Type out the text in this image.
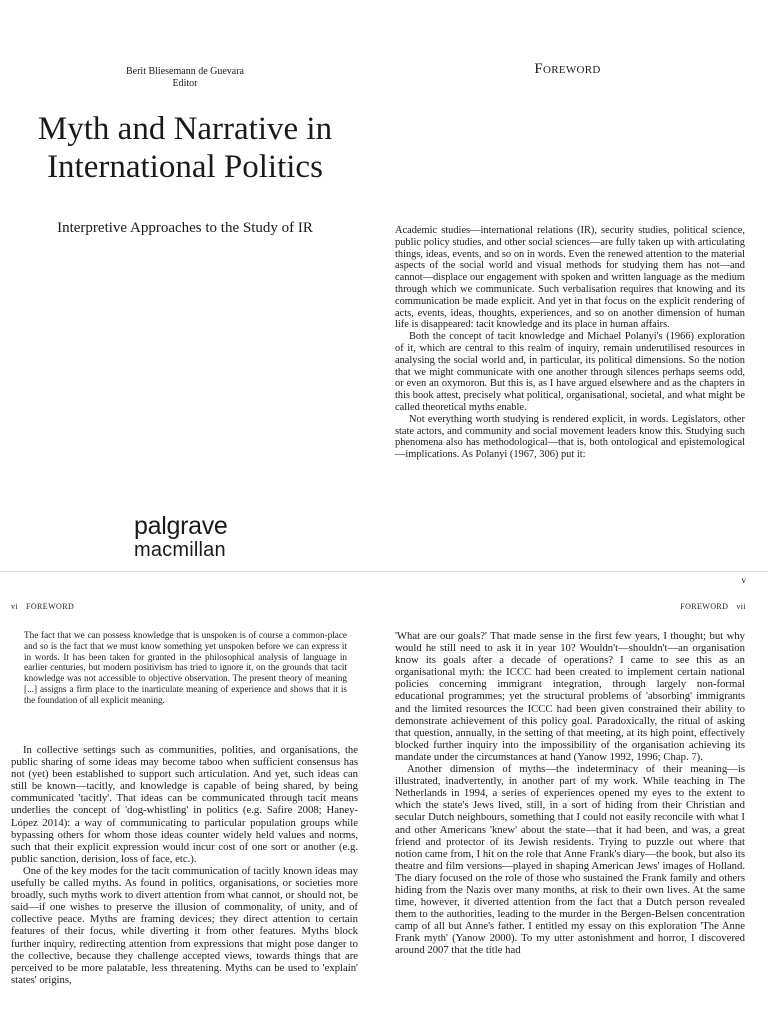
Berit Bliesemann de Guevara
Editor
Myth and Narrative in
International Politics
Interpretive Approaches to the Study of IR
palgrave
macmillan
Foreword

Academic studies—international relations (IR), security studies, political science, public policy studies, and other social sciences—are fully taken up with articulating things, ideas, events, and so on in words. Even the renewed attention to the material aspects of the social world and visual methods for studying them has not—and cannot—displace our engagement with spoken and written language as the medium through which we communicate. Such verbalisation requires that knowing and its communication be made explicit. And yet in that focus on the explicit rendering of acts, events, ideas, thoughts, experiences, and so on another dimension of human life is disappeared: tacit knowledge and its place in human affairs.

Both the concept of tacit knowledge and Michael Polanyi's (1966) exploration of it, which are central to this realm of inquiry, remain underutilised resources in analysing the social world and, in particular, its political dimensions. So the notion that we might communicate with one another through silences perhaps seems odd, or even an oxymoron. But this is, as I have argued elsewhere and as the chapters in this book attest, precisely what political, organisational, societal, and what might be called theoretical myths enable.

Not everything worth studying is rendered explicit, in words. Legislators, other state actors, and community and social movement leaders know this. Studying such phenomena also has methodological—that is, both ontological and epistemological—implications. As Polanyi (1967, 306) put it:

v
vi FOREWORD
The fact that we can possess knowledge that is unspoken is of course a common-place and so is the fact that we must know something yet unspoken before we can express it in words. It has been taken for granted in the philosophical analysis of language in earlier centuries, but modern positivism has tried to ignore it, on the grounds that tacit knowledge was not accessible to objective observation. The present theory of meaning [...] assigns a firm place to the inarticulate meaning of experience and shows that it is the foundation of all explicit meaning.

In collective settings such as communities, polities, and organisations, the public sharing of some ideas may become taboo when sufficient consensus has not (yet) been established to support such articulation. And yet, such ideas can still be known—tacitly, and knowledge is capable of being shared, by being communicated 'tacitly'. That ideas can be communicated through tacit means underlies the concept of 'dog-whistling' in politics (e.g. Safire 2008; Haney-López 2014): a way of communicating to particular population groups while bypassing others for whom those ideas counter widely held values and norms, such that their explicit expression would incur cost of one sort or another (e.g. public sanction, derision, loss of face, etc.).

One of the key modes for the tacit communication of tacitly known ideas may usefully be called myths. As found in politics, organisations, or societies more broadly, such myths work to divert attention from what cannot, or should not, be said—if one wishes to preserve the illusion of commonality, of unity, and of collective peace. Myths are framing devices; they direct attention to certain features of their focus, while diverting it from other features. Myths block further inquiry, redirecting attention from expressions that might pose danger to the collective, because they challenge accepted views, towards things that are perceived to be more palatable, less threatening. Myths can be used to 'explain' states' origins,

FOREWORD vii

'What are our goals?' That made sense in the first few years, I thought; but why would he still need to ask it in year 10? Wouldn't—shouldn't—an organisation know its goals after a decade of operations? I came to see this as an organisational myth: the ICCC had been created to implement certain national policies concerning immigrant integration, through largely non-formal educational programmes; yet the structural problems of 'absorbing' immigrants and the limited resources the ICCC had been given constrained their ability to demonstrate achievement of this policy goal. Paradoxically, the ritual of asking that question, annually, in the setting of that meeting, at its high point, effectively blocked further inquiry into the impossibility of the organisation achieving its mandate under the circumstances at hand (Yanow 1992, 1996; Chap. 7).

Another dimension of myths—the indeterminacy of their meaning—is illustrated, inadvertently, in another part of my work. While teaching in The Netherlands in 1994, a series of experiences opened my eyes to the extent to which the state's Jews lived, still, in a sort of hiding from their Christian and secular Dutch neighbours, something that I could not easily reconcile with what I and other Americans 'knew' about the state—that it had been, and was, a great friend and protector of its Jewish residents. Trying to puzzle out where that notion came from, I hit on the role that Anne Frank's diary—the book, but also its theatre and film versions—played in shaping American Jews' images of Holland. The diary focused on the role of those who sustained the Frank family and others hiding from the Nazis over many months, at risk to their own lives. At the same time, however, it diverted attention from the fact that a Dutch person revealed them to the authorities, leading to the murder in the Bergen-Belsen concentration camp of all but Anne's father. I entitled my essay on this exploration 'The Anne Frank myth' (Yanow 2000). To my utter astonishment and horror, I discovered around 2007 that the title had
